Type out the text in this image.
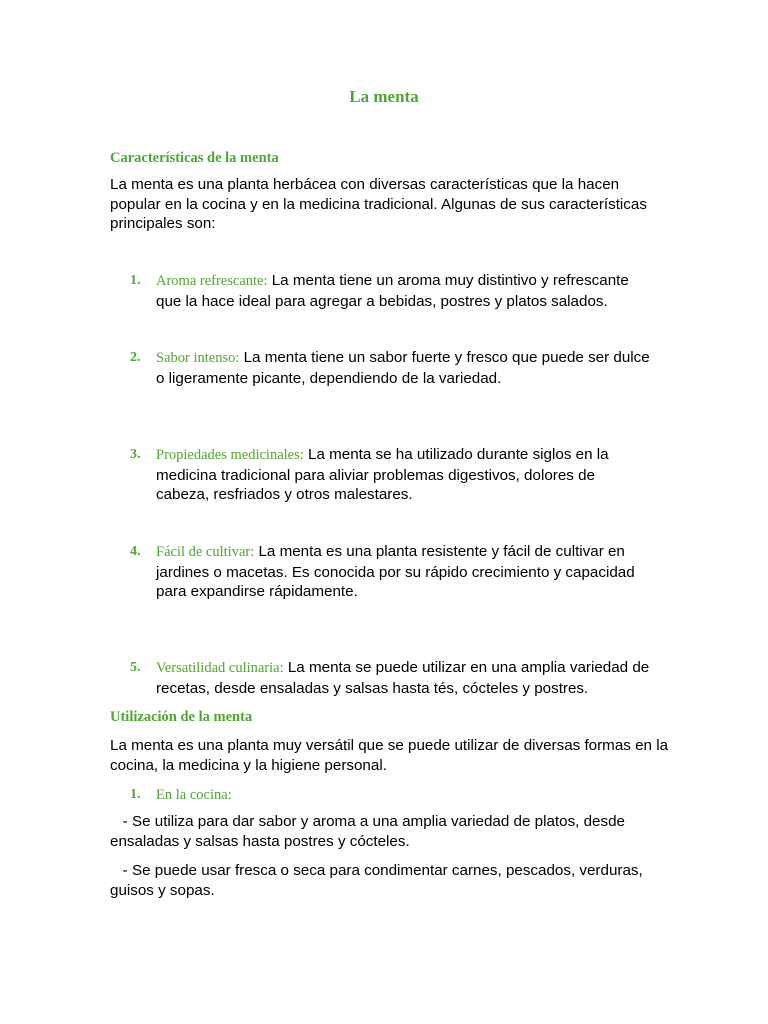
La menta
Características de la menta
La menta es una planta herbácea con diversas características que la hacen popular en la cocina y en la medicina tradicional. Algunas de sus características principales son:
1. Aroma refrescante: La menta tiene un aroma muy distintivo y refrescante que la hace ideal para agregar a bebidas, postres y platos salados.
2. Sabor intenso: La menta tiene un sabor fuerte y fresco que puede ser dulce o ligeramente picante, dependiendo de la variedad.
3. Propiedades medicinales: La menta se ha utilizado durante siglos en la medicina tradicional para aliviar problemas digestivos, dolores de cabeza, resfriados y otros malestares.
4. Fácil de cultivar: La menta es una planta resistente y fácil de cultivar en jardines o macetas. Es conocida por su rápido crecimiento y capacidad para expandirse rápidamente.
5. Versatilidad culinaria: La menta se puede utilizar en una amplia variedad de recetas, desde ensaladas y salsas hasta tés, cócteles y postres.
Utilización de la menta
La menta es una planta muy versátil que se puede utilizar de diversas formas en la cocina, la medicina y la higiene personal.
1. En la cocina:
- Se utiliza para dar sabor y aroma a una amplia variedad de platos, desde ensaladas y salsas hasta postres y cócteles.
- Se puede usar fresca o seca para condimentar carnes, pescados, verduras, guisos y sopas.
